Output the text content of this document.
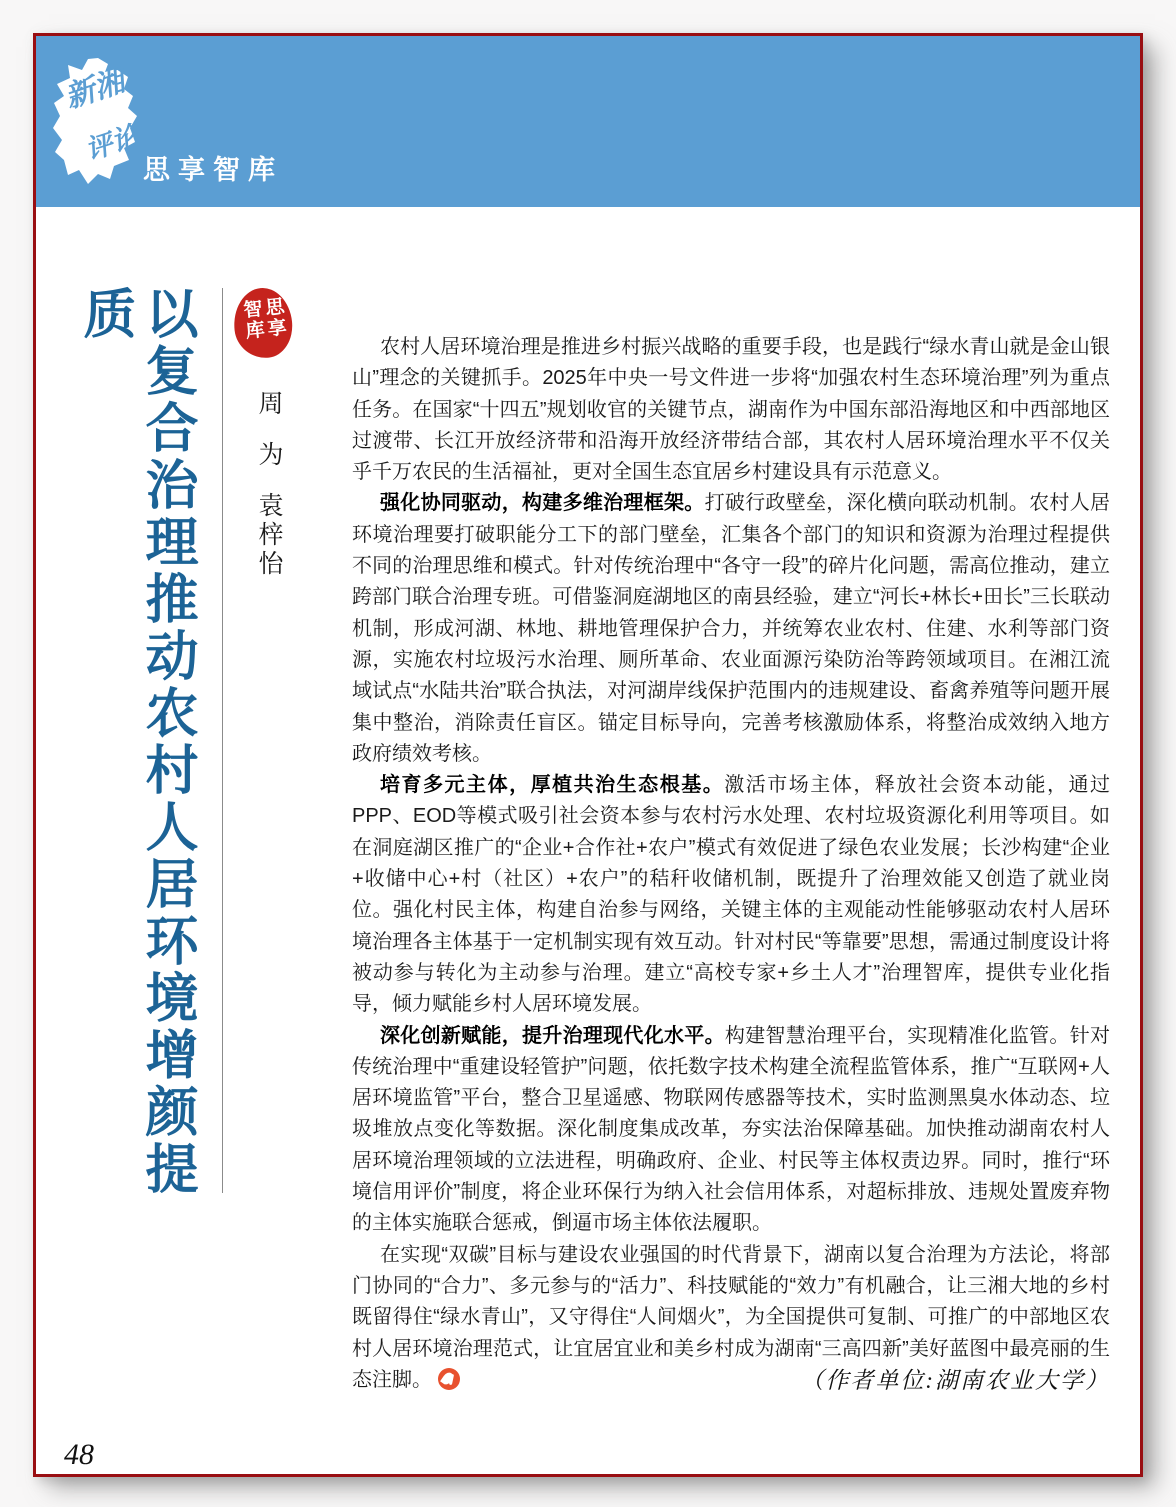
新湘
评论
思享智库
以复合治理推动农村人居环境增颜提质	思享智库
周
为
袁梓怡

农村人居环境治理是推进乡村振兴战略的重要手段，也是践行“绿水青山就是金山银山”理念的关键抓手。2025年中央一号文件进一步将“加强农村生态环境治理”列为重点任务。在国家“十四五”规划收官的关键节点，湖南作为中国东部沿海地区和中西部地区过渡带、长江开放经济带和沿海开放经济带结合部，其农村人居环境治理水平不仅关乎千万农民的生活福祉，更对全国生态宜居乡村建设具有示范意义。

强化协同驱动，构建多维治理框架。打破行政壁垒，深化横向联动机制。农村人居环境治理要打破职能分工下的部门壁垒，汇集各个部门的知识和资源为治理过程提供不同的治理思维和模式。针对传统治理中“各守一段”的碎片化问题，需高位推动，建立跨部门联合治理专班。可借鉴洞庭湖地区的南县经验，建立“河长+林长+田长”三长联动机制，形成河湖、林地、耕地管理保护合力，并统筹农业农村、住建、水利等部门资源，实施农村垃圾污水治理、厕所革命、农业面源污染防治等跨领域项目。在湘江流域试点“水陆共治”联合执法，对河湖岸线保护范围内的违规建设、畜禽养殖等问题开展集中整治，消除责任盲区。锚定目标导向，完善考核激励体系，将整治成效纳入地方政府绩效考核。

培育多元主体，厚植共治生态根基。激活市场主体，释放社会资本动能，通过PPP、EOD等模式吸引社会资本参与农村污水处理、农村垃圾资源化利用等项目。如在洞庭湖区推广的“企业+合作社+农户”模式有效促进了绿色农业发展；长沙构建“企业+收储中心+村（社区）+农户”的秸秆收储机制，既提升了治理效能又创造了就业岗位。强化村民主体，构建自治参与网络，关键主体的主观能动性能够驱动农村人居环境治理各主体基于一定机制实现有效互动。针对村民“等靠要”思想，需通过制度设计将被动参与转化为主动参与治理。建立“高校专家+乡土人才”治理智库，提供专业化指导，倾力赋能乡村人居环境发展。

深化创新赋能，提升治理现代化水平。构建智慧治理平台，实现精准化监管。针对传统治理中“重建设轻管护”问题，依托数字技术构建全流程监管体系，推广“互联网+人居环境监管”平台，整合卫星遥感、物联网传感器等技术，实时监测黑臭水体动态、垃圾堆放点变化等数据。深化制度集成改革，夯实法治保障基础。加快推动湖南农村人居环境治理领域的立法进程，明确政府、企业、村民等主体权责边界。同时，推行“环境信用评价”制度，将企业环保行为纳入社会信用体系，对超标排放、违规处置废弃物的主体实施联合惩戒，倒逼市场主体依法履职。

在实现“双碳”目标与建设农业强国的时代背景下，湖南以复合治理为方法论，将部门协同的“合力”、多元参与的“活力”、科技赋能的“效力”有机融合，让三湘大地的乡村既留得住“绿水青山”，又守得住“人间烟火”，为全国提供可复制、可推广的中部地区农村人居环境治理范式，让宜居宜业和美乡村成为湖南“三高四新”美好蓝图中最亮丽的生态注脚。	（作者单位:湖南农业大学）
48
